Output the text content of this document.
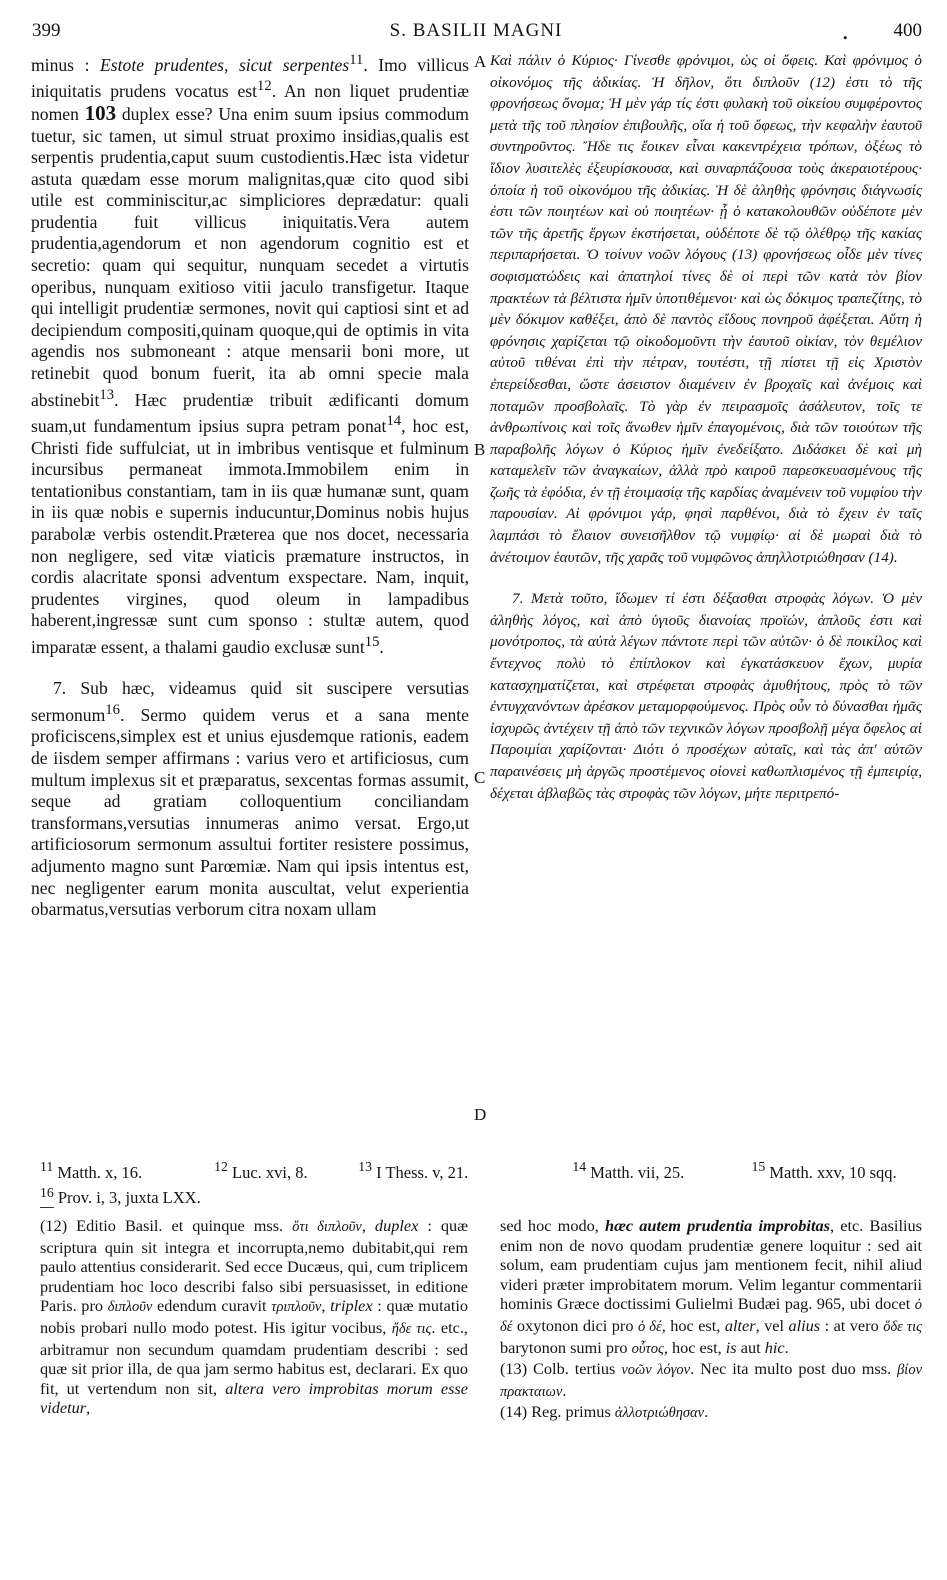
399	S. BASILII MAGNI	. 400

minus : Estote prudentes, sicut serpentes$^{11}$. Imo villicus iniquitatis prudens vocatus est$^{12}$. An non liquet prudentiæ nomen 103 duplex esse? Una enim suum ipsius commodum tuetur, sic tamen, ut simul struat proximo insidias,qualis est serpentis prudentia,caput suum custodientis.Hæc ista videtur astuta quædam esse morum malignitas,quæ cito quod sibi utile est comminiscitur,ac simpliciores deprædatur: quali prudentia fuit villicus iniquitatis.Vera autem prudentia,agendorum et non agendorum cognitio est et secretio: quam qui sequitur, nunquam secedet a virtutis operibus, nunquam exitioso vitii jaculo transfigetur. Itaque qui intelligit prudentiæ sermones, novit qui captiosi sint et ad decipiendum compositi,quinam quoque,qui de optimis in vita agendis nos submoneant : atque mensarii boni more, ut retinebit quod bonum fuerit, ita ab omni specie mala abstinebit$^{13}$. Hæc prudentiæ tribuit ædificanti domum suam,ut fundamentum ipsius supra petram ponat$^{14}$, hoc est, Christi fide suffulciat, ut in imbribus ventisque et fulminum incursibus permaneat immota.Immobilem enim in tentationibus constantiam, tam in iis quæ humanæ sunt, quam in iis quæ nobis e supernis inducuntur,Dominus nobis hujus parabolæ verbis ostendit.Præterea que nos docet, necessaria non negligere, sed vitæ viaticis præmature instructos, in cordis alacritate sponsi adventum exspectare. Nam, inquit, prudentes virgines, quod oleum in lampadibus haberent,ingressæ sunt cum sponso : stultæ autem, quod imparatæ essent, a thalami gaudio exclusæ sunt$^{15}$.

7. Sub hæc, videamus quid sit suscipere versutias sermonum$^{16}$. Sermo quidem verus et a sana mente proficiscens,simplex est et unius ejusdemque rationis, eadem de iisdem semper affirmans : varius vero et artificiosus, cum multum implexus sit et præparatus, sexcentas formas assumit, seque ad gratiam colloquentium conciliandam transformans,versutias innumeras animo versat. Ergo,ut artificiosorum sermonum assultui fortiter resistere possimus, adjumento magno sunt Parœmiæ. Nam qui ipsis intentus est, nec negligenter earum monita auscultat, velut experientia obarmatus,versutias verborum citra noxam ullam

A
B
C
D

Καὶ πάλιν ὁ Κύριος· Γίνεσθε φρόνιμοι, ὡς οἱ ὄφεις. Καὶ φρόνιμος ὁ οἰκονόμος τῆς ἀδικίας. Ἡ δῆλον, ὅτι διπλοῦν (12) ἐστι τὸ τῆς φρονήσεως ὄνομα; Ἡ μὲν γάρ τίς ἐστι φυλακὴ τοῦ οἰκείου συμφέροντος μετὰ τῆς τοῦ πλησίον ἐπιβουλῆς, οἵα ἡ τοῦ ὄφεως, τὴν κεφαλὴν ἑαυτοῦ συντηροῦντος. Ἤδε τις ἔοικεν εἶναι κακεντρέχεια τρόπων, ὀξέως τὸ ἴδιον λυσιτελὲς ἐξευρίσκουσα, καὶ συναρπάζουσα τοὺς ἀκεραιοτέρους· ὁποία ἡ τοῦ οἰκονόμου τῆς ἀδικίας. Ἡ δὲ ἀληθὴς φρόνησις διάγνωσίς ἐστι τῶν ποιητέων καὶ οὐ ποιητέων· ᾗ ὁ κατακολουθῶν οὐδέποτε μὲν τῶν τῆς ἀρετῆς ἔργων ἐκστήσεται, οὐδέποτε δὲ τῷ ὀλέθρῳ τῆς κακίας περιπαρήσεται. Ὁ τοίνυν νοῶν λόγους (13) φρονήσεως οἶδε μὲν τίνες σοφισματώδεις καὶ ἀπατηλοί τίνες δὲ οἱ περὶ τῶν κατὰ τὸν βίον πρακτέων τὰ βέλτιστα ἡμῖν ὑποτιθέμενοι· καὶ ὡς δόκιμος τραπεζίτης, τὸ μὲν δόκιμον καθέξει, ἀπὸ δὲ παντὸς εἴδους πονηροῦ ἀφέξεται. Αὕτη ἡ φρόνησις χαρίζεται τῷ οἰκοδομοῦντι τὴν ἑαυτοῦ οἰκίαν, τὸν θεμέλιον αὐτοῦ τιθέναι ἐπὶ τὴν πέτραν, τουτέστι, τῇ πίστει τῇ εἰς Χριστὸν ἐπερείδεσθαι, ὥστε ἀσειστον διαμένειν ἐν βροχαῖς καὶ ἀνέμοις καὶ ποταμῶν προσβολαῖς. Τὸ γὰρ ἐν πειρασμοῖς ἀσάλευτον, τοῖς τε ἀνθρωπίνοις καὶ τοῖς ἄνωθεν ἡμῖν ἐπαγομένοις, διὰ τῶν τοιούτων τῆς παραβολῆς λόγων ὁ Κύριος ἡμῖν ἐνεδείξατο. Διδάσκει δὲ καὶ μὴ καταμελεῖν τῶν ἀναγκαίων, ἀλλὰ πρὸ καιροῦ παρεσκευασμένους τῆς ζωῆς τὰ ἐφόδια, ἐν τῇ ἑτοιμασίᾳ τῆς καρδίας ἀναμένειν τοῦ νυμφίου τὴν παρουσίαν. Αἱ φρόνιμοι γάρ, φησὶ παρθένοι, διὰ τὸ ἔχειν ἐν ταῖς λαμπάσι τὸ ἔλαιον συνεισῆλθον τῷ νυμφίῳ· αἱ δὲ μωραὶ διὰ τὸ ἀνέτοιμον ἑαυτῶν, τῆς χαρᾶς τοῦ νυμφῶνος ἀπηλλοτριώθησαν (14).

7. Μετὰ τοῦτο, ἴδωμεν τί ἐστι δέξασθαι στροφὰς λόγων. Ὁ μὲν ἀληθὴς λόγος, καὶ ἀπὸ ὑγιοῦς διανοίας προϊών, ἁπλοῦς ἐστι καὶ μονότροπος, τὰ αὐτὰ λέγων πάντοτε περὶ τῶν αὐτῶν· ὁ δὲ ποικίλος καὶ ἔντεχνος πολὺ τὸ ἐπίπλοκον καὶ ἐγκατάσκευον ἔχων, μυρία κατασχηματίζεται, καὶ στρέφεται στροφὰς ἀμυθήτους, πρὸς τὸ τῶν ἐντυγχανόντων ἀρέσκον μεταμορφούμενος. Πρὸς οὖν τὸ δύνασθαι ἡμᾶς ἰσχυρῶς ἀντέχειν τῇ ἀπὸ τῶν τεχνικῶν λόγων προσβολῇ μέγα ὄφελος αἱ Παροιμίαι χαρίζονται· Διότι ὁ προσέχων αὐταῖς, καὶ τὰς ἀπ' αὐτῶν παραινέσεις μὴ ἀργῶς προστέμενος οἱονεὶ καθωπλισμένος τῇ ἐμπειρίᾳ, δέχεται ἀβλαβῶς τὰς στροφὰς τῶν λόγων, μήτε περιτρεπό-

$^{11}$ Matth. x, 16.	$^{12}$ Luc. xvi, 8.	$^{13}$ I Thess. v, 21.	$^{14}$ Matth. vii, 25.	$^{15}$ Matth. xxv, 10 sqq.
$^{16}$ Prov. i, 3, juxta LXX.

(12) Editio Basil. et quinque mss. ὅτι διπλοῦν, duplex : quæ scriptura quin sit integra et incorrupta,nemo dubitabit,qui rem paulo attentius considerarit. Sed ecce Ducæus, qui, cum triplicem prudentiam hoc loco describi falso sibi persuasisset, in editione Paris. pro διπλοῦν edendum curavit τριπλοῦν, triplex : quæ mutatio nobis probari nullo modo potest. His igitur vocibus, ἤδε τις. etc., arbitramur non secundum quamdam prudentiam describi : sed quæ sit prior illa, de qua jam sermo habitus est, declarari. Ex quo fit, ut vertendum non sit, altera vero improbitas morum esse videtur,

sed hoc modo, hæc autem prudentia improbitas, etc. Basilius enim non de novo quodam prudentiæ genere loquitur : sed ait solum, eam prudentiam cujus jam mentionem fecit, nihil aliud videri præter improbitatem morum. Velim legantur commentarii hominis Græce doctissimi Gulielmi Budæi pag. 965, ubi docet ὁ δέ oxytonon dici pro ὁ δέ, hoc est, alter, vel alius : at vero ὅδε τις barytonon sumi pro οὗτος, hoc est, is aut hic.

(13) Colb. tertius νοῶν λόγον. Nec ita multo post duo mss. βίον πρακταιων.

(14) Reg. primus ἀλλοτριώθησαν.
